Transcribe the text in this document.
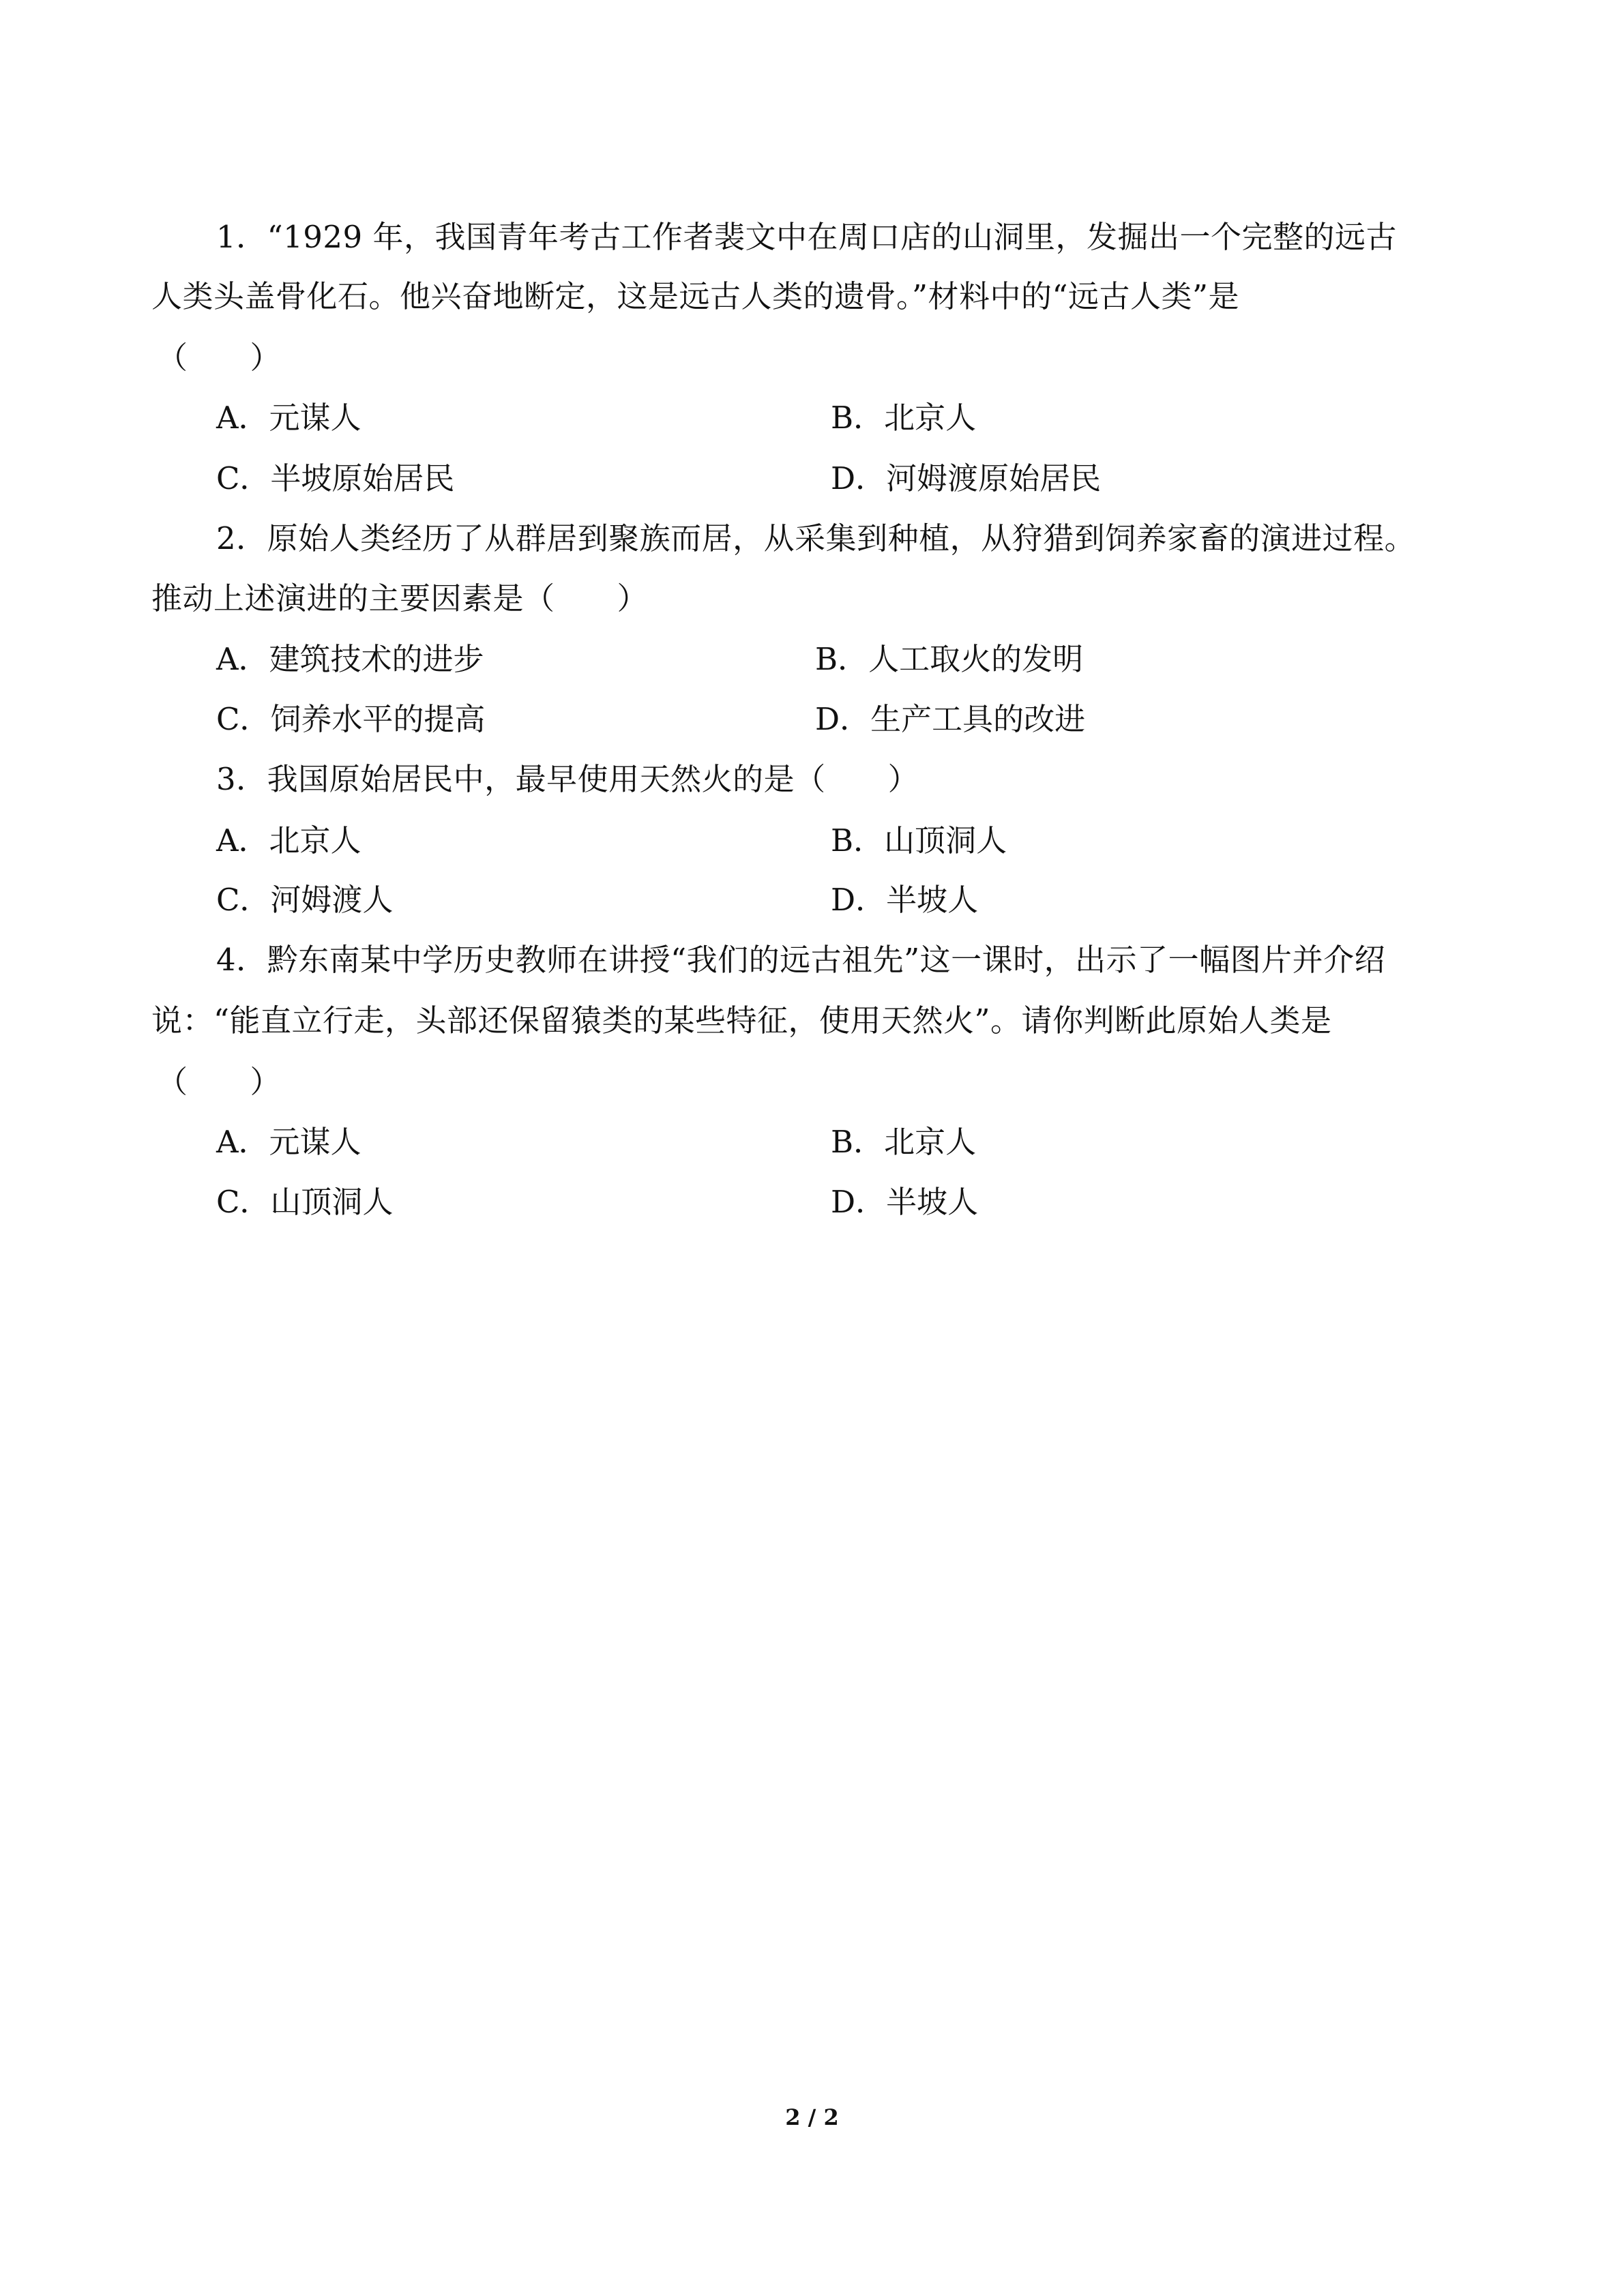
1．“1929 年，我国青年考古工作者裴文中在周口店的山洞里，发掘出一个完整的远古
人类头盖骨化石。他兴奋地断定，这是远古人类的遗骨。”材料中的“远古人类”是
（　　）
A．元谋人	B．北京人
C．半坡原始居民	D．河姆渡原始居民
2．原始人类经历了从群居到聚族而居，从采集到种植，从狩猎到饲养家畜的演进过程。
推动上述演进的主要因素是（　　）
A．建筑技术的进步	B．人工取火的发明
C．饲养水平的提高	D．生产工具的改进
3．我国原始居民中，最早使用天然火的是（　　）
A．北京人	B．山顶洞人
C．河姆渡人	D．半坡人
4．黔东南某中学历史教师在讲授“我们的远古祖先”这一课时，出示了一幅图片并介绍
说：“能直立行走，头部还保留猿类的某些特征，使用天然火”。请你判断此原始人类是
（　　）
A．元谋人	B．北京人
C．山顶洞人	D．半坡人
2 / 2
